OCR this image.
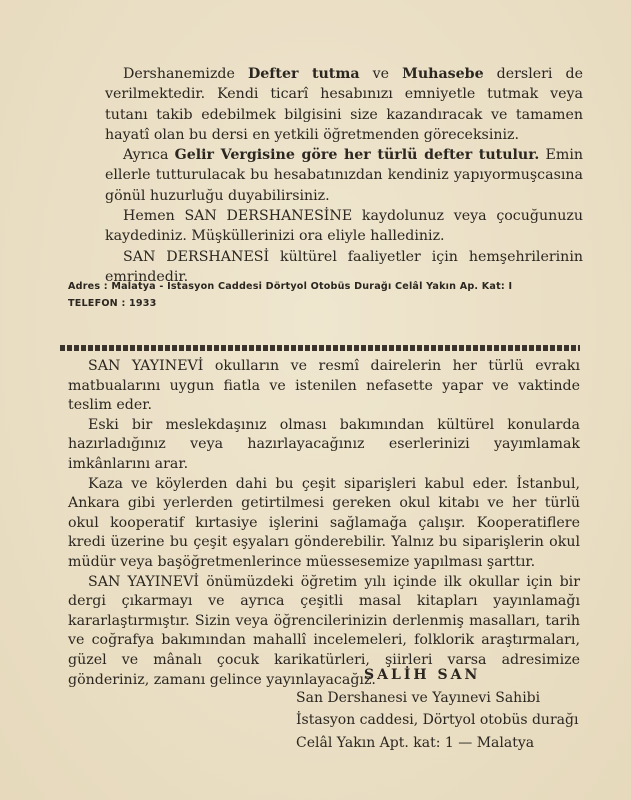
Dershanemizde Defter tutma ve Muhasebe dersleri de verilmektedir. Kendi ticarî hesabınızı emniyetle tutmak veya tutanı takib edebilmek bilgisini size kazandıracak ve tamamen hayatî olan bu dersi en yetkili öğretmenden göreceksiniz.

Ayrıca Gelir Vergisine göre her türlü defter tutulur. Emin ellerle tutturulacak bu hesabatınızdan kendiniz yapıyormuşcasına gönül huzurluğu duyabilirsiniz.

Hemen SAN DERSHANESİNE kaydolunuz veya çocuğunuzu kaydediniz. Müşküllerinizi ora eliyle hallediniz.

SAN DERSHANESİ kültürel faaliyetler için hemşehrilerinin emrindedir.

Adres : Malatya - İstasyon Caddesi Dörtyol Otobüs Durağı Celâl Yakın Ap. Kat: I
TELEFON : 1933

SAN YAYINEVİ okulların ve resmî dairelerin her türlü evrakı matbualarını uygun fiatla ve istenilen nefasette yapar ve vaktinde teslim eder.

Eski bir meslekdaşınız olması bakımından kültürel konularda hazırladığınız veya hazırlayacağınız eserlerinizi yayımlamak imkânlarını arar.

Kaza ve köylerden dahi bu çeşit siparişleri kabul eder. İstanbul, Ankara gibi yerlerden getirtilmesi gereken okul kitabı ve her türlü okul kooperatif kırtasiye işlerini sağlamağa çalışır. Kooperatiflere kredi üzerine bu çeşit eşyaları gönderebilir. Yalnız bu siparişlerin okul müdür veya başöğretmenlerince müessesemize yapılması şarttır.

SAN YAYINEVİ önümüzdeki öğretim yılı içinde ilk okullar için bir dergi çıkarmayı ve ayrıca çeşitli masal kitapları yayınlamağı kararlaştırmıştır. Sizin veya öğrencilerinizin derlenmiş masalları, tarih ve coğrafya bakımından mahallî incelemeleri, folklorik araştırmaları, güzel ve mânalı çocuk karikatürleri, şiirleri varsa adresimize gönderiniz, zamanı gelince yayınlayacağız.

SALİH SAN
San Dershanesi ve Yayınevi Sahibi
İstasyon caddesi, Dörtyol otobüs durağı
Celâl Yakın Apt. kat: 1 — Malatya
